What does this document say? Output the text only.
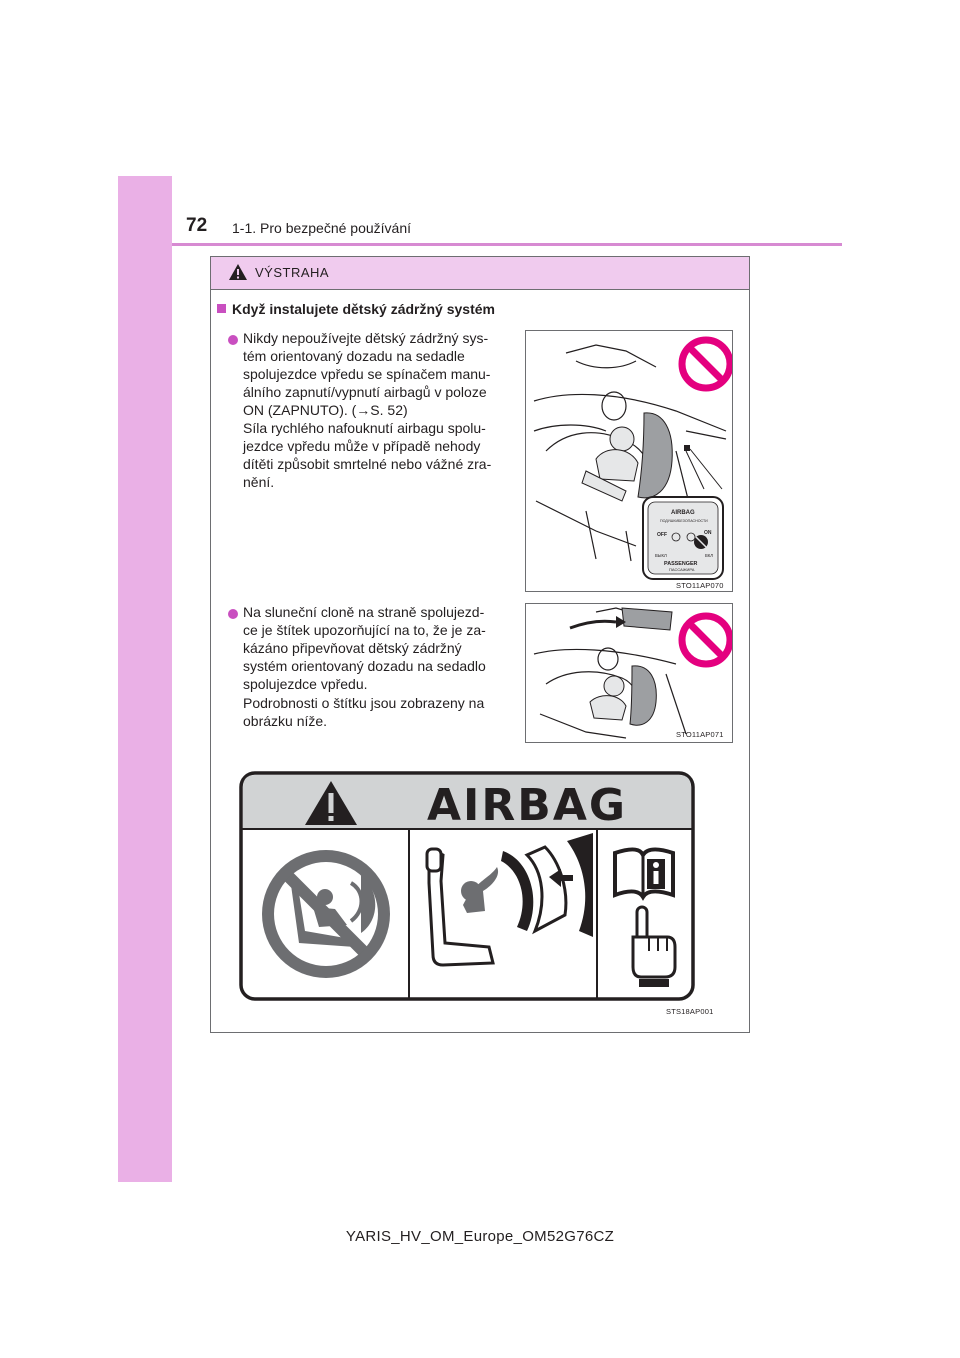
72 1-1. Pro bezpečné používání
VÝSTRAHA
Když instalujete dětský zádržný systém
Nikdy nepoužívejte dětský zádržný sys-
tém orientovaný dozadu na sedadle
spolujezdce vpředu se spínačem manu-
álního zapnutí/vypnutí airbagů v poloze
ON (ZAPNUTO). (→S. 52)
Síla rychlého nafouknutí airbagu spolu-
jezdce vpředu může v případě nehody
dítěti způsobit smrtelné nebo vážné zra-
nění.
AIRBAG
ПОДУШКИБЕЗОПАСНОСТИ
OFF	ON
ВЫКЛ	ВКЛ
PASSENGER
ПАССАЖИРА
STO11AP070
Na sluneční cloně na straně spolujezd-
ce je štítek upozorňující na to, že je za-
kázáno připevňovat dětský zádržný
systém orientovaný dozadu na sedadlo
spolujezdce vpředu.
Podrobnosti o štítku jsou zobrazeny na
obrázku níže.
STO11AP071
AIRBAG
STS18AP001
YARIS_HV_OM_Europe_OM52G76CZ
